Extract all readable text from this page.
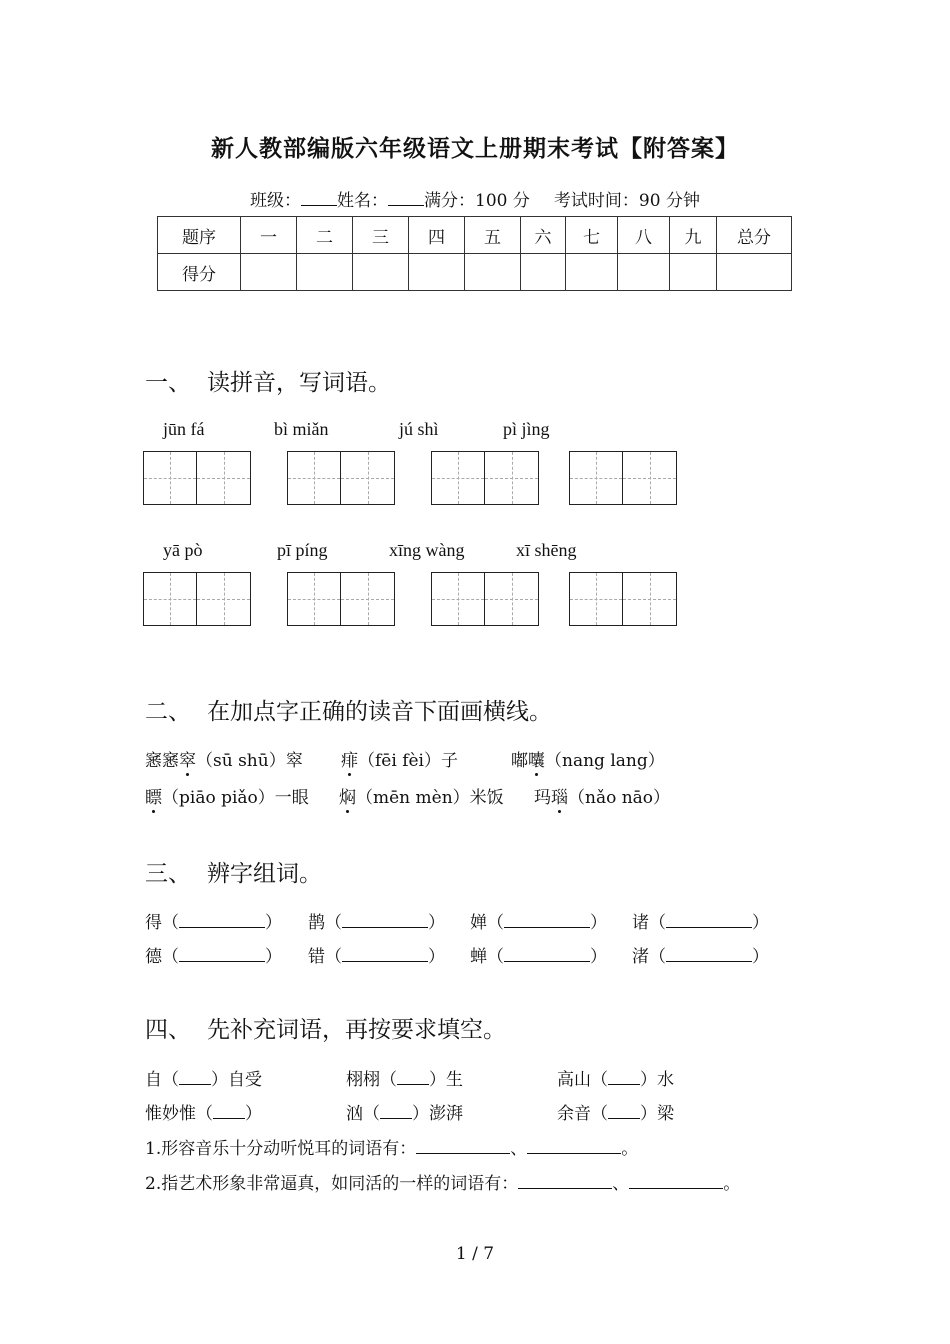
新人教部编版六年级语文上册期末考试【附答案】
班级： 姓名： 满分：100 分 考试时间：90 分钟
题序	一	二	三	四	五	六	七	八	九	总分
得分										
一、 读拼音，写词语。
jūn fá	bì miǎn	jú shì	pì jìng
yā pò	pī píng	xīng wàng	xī shēng
二、 在加点字正确的读音下面画横线。
窸窸窣（sū shū）窣 痱（fēi fèi）子	嘟囔（nang lang）
瞟（piāo piǎo）一眼 焖（mēn mèn）米饭 玛瑙（nǎo nāo）
三、 辨字组词。
得（	） 鹊（	） 婵（	） 诸（	）
德（	） 错（	） 蝉（	） 渚（	）
四、 先补充词语，再按要求填空。
自（ ）自受	栩栩（ ）生	高山（ ）水
惟妙惟（ ）	汹（ ）澎湃	余音（ ）梁
1.形容音乐十分动听悦耳的词语有：	、	。
2.指艺术形象非常逼真，如同活的一样的词语有：	、	。
1 / 7
